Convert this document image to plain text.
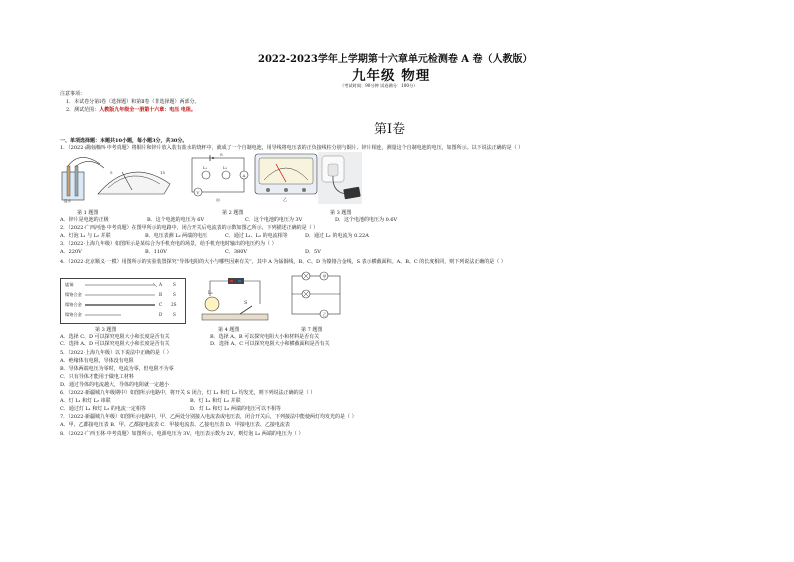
2022-2023学年上学期第十六章单元检测卷 A 卷（人教版）
九年级 物理
（考试时间：90分钟 试卷满分：100分）
注意事项：
1．本试卷分第Ⅰ卷（选择题）和第Ⅱ卷（非选择题）两部分。
2．测试范围：人教版九年级全一册第十六章：电压 电阻。
第Ⅰ卷
一、单项选择题：本题共10小题，每小题3分，共30分。
1．（2022·湖南湘西·中考真题）将铜片和锌片放入装有盐水的烧杯中，就成了一个自制电池，用导线将电压表的正负接线柱分别与铜片、锌片相连，测量这个自制电池的电压，如图所示。以下说法正确的是（ ）
5	15
盐水
L₁	L₂
A
V
S
甲	乙
第 1 题图	第 2 题图	第 3 题图
A．锌片是电池的正极	B．这个电池的电压为 6V	C．这个电池的电压为 3V	D．这个电池的电压为 0.6V
2．（2022·广西河池·中考真题）在图甲所示的电路中，闭合开关后电流表的示数如图乙所示，下列描述正确的是（ ）
A．灯泡 L₁ 与 L₂ 并联	B．电压表测 L₂ 两端的电压	C．通过 L₁、L₂ 的电流相等	D．通过 L₁ 的电流为 0.22A
3．（2022·上海九年级）如图所示是某综合为手机充电的场景，给手机充电时输出的电压约为（ ）
A．220V	B．110V	C．380V	D．5V
4．（2022·北京顺义·一模）用图所示的实验装置探究“导体电阻的大小与哪些因素有关”，其中 A 为锰铜线，B、C、D 为镍铬合金线，S 表示横截面积。A、B、C 的长度相同，则下列说法正确的是（ ）
锰铜
镍铬合金
镍铬合金
镍铬合金
A
B
C
D
S
S
2S
S
L₁
S
甲
乙
第 3 题图	第 4 题图	第 7 题图
A．选择 C、D 可以探究电阻大小和长度是否有关	B．选择 A、B 可以探究电阻大小和材料是否有关
C．选择 A、D 可以探究电阻大小和长度是否有关	D．选择 A、C 可以探究电阻大小和横截面积是否有关
5．（2022·上海九年级）以下说法中正确的是（ ）
A．绝缘体有电阻，导体没有电阻
B．导体两端电压为零时，电流为零，但电阻不为零
C．只有导体才能用于做电工材料
D．通过导体的电流越大，导体的电阻就一定越小
6．（2022·新疆城九年级期中）如图所示电路中，将开关 S 闭合，灯 L₁ 和灯 L₂ 均发光，则下列说法正确的是（ ）
A．灯 L₁ 和灯 L₂ 串联	B．灯 L₁ 和灯 L₂ 并联
C．通过灯 L₁ 和灯 L₂ 的电流一定相等	D．灯 L₁ 和灯 L₂ 两端的电压可以不相等
7．（2022·新疆城九年级）如图所示电路中，甲、乙两处分别接入电流表或电压表，闭合开关后，下列接法中能使两灯均发光的是（ ）
A．甲、乙都接电压表 B．甲、乙都接电流表 C．甲接电流表、乙接电压表 D．甲接电压表、乙接电流表
8．（2022·广西玉林·中考真题）如图所示，电源电压为 3V，电压表示数为 2V，则灯泡 L₂ 两端的电压为（ ）
